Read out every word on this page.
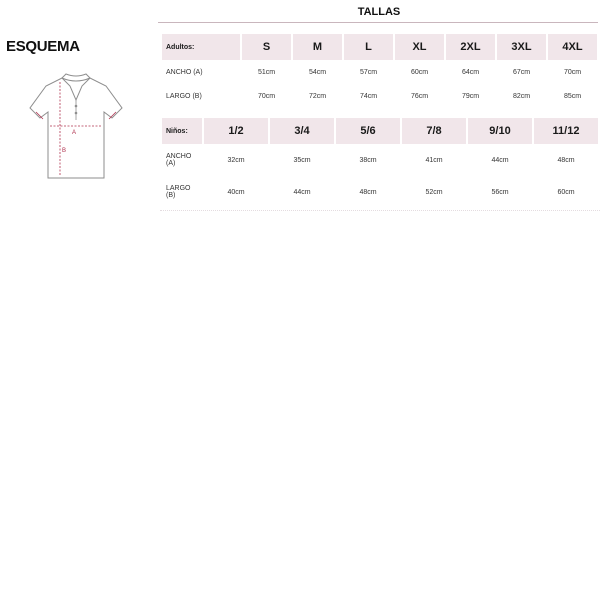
ESQUEMA
A
B
TALLAS
Adultos:	S	M	L	XL	2XL	3XL	4XL
ANCHO (A)	51cm	54cm	57cm	60cm	64cm	67cm	70cm
LARGO (B)	70cm	72cm	74cm	76cm	79cm	82cm	85cm
Niños:	1/2	3/4	5/6	7/8	9/10	11/12
ANCHO
(A)	32cm	35cm	38cm	41cm	44cm	48cm
LARGO
(B)	40cm	44cm	48cm	52cm	56cm	60cm
